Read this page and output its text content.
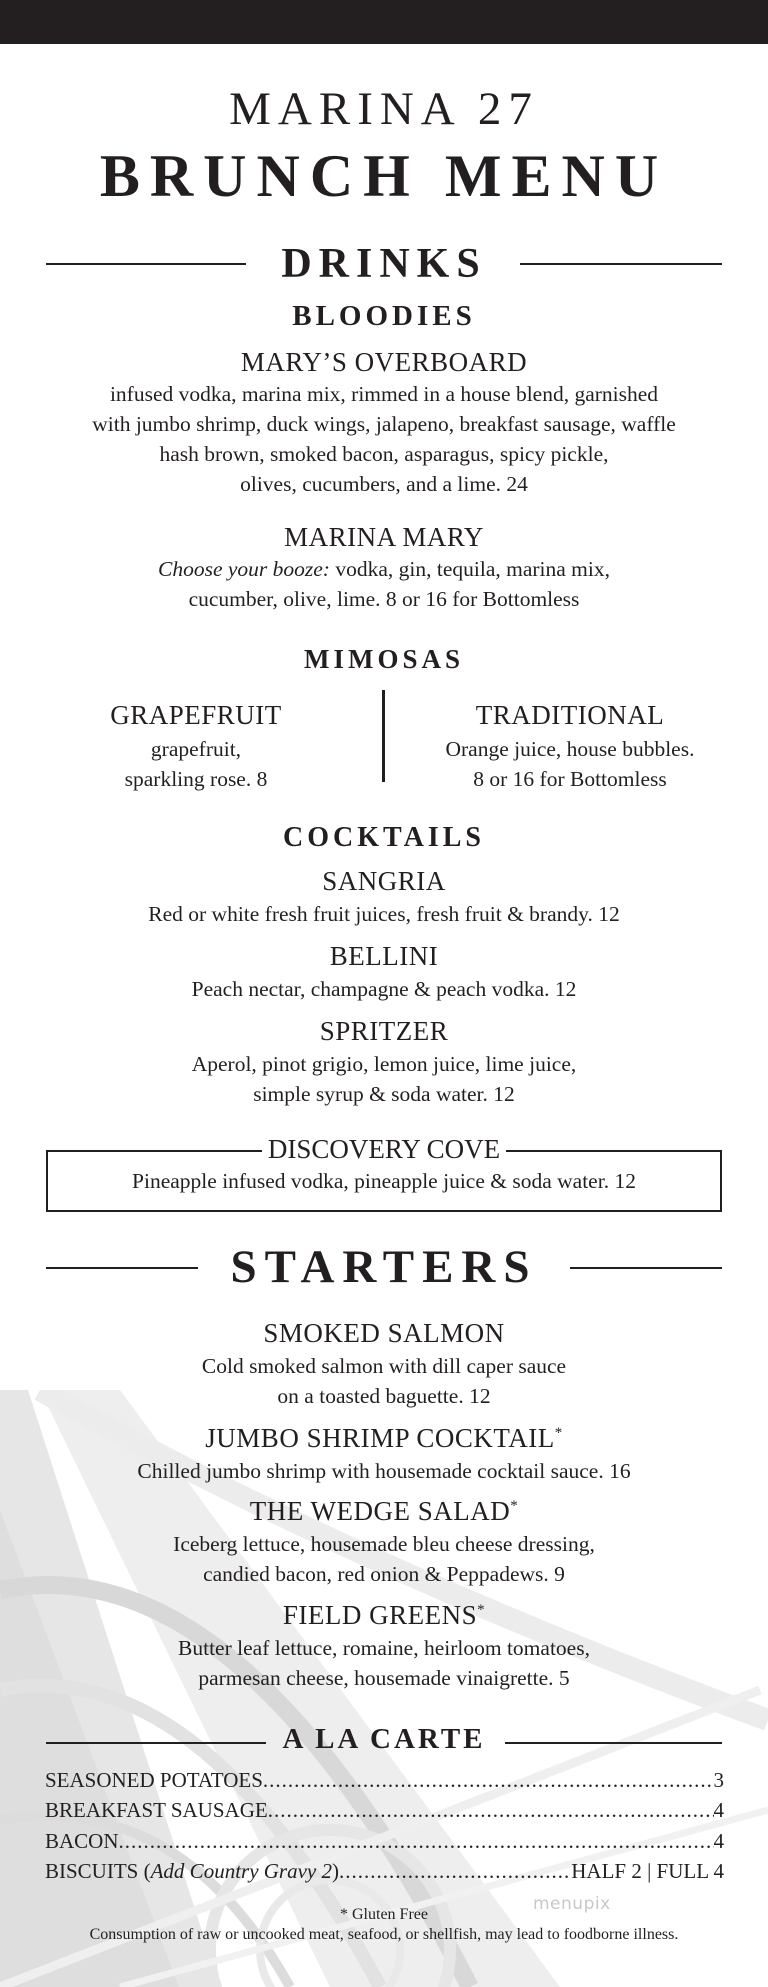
MARINA 27
BRUNCH MENU
DRINKS
BLOODIES
MARY’S OVERBOARD
infused vodka, marina mix, rimmed in a house blend, garnished
with jumbo shrimp, duck wings, jalapeno, breakfast sausage, waffle
hash brown, smoked bacon, asparagus, spicy pickle,
olives, cucumbers, and a lime. 24
MARINA MARY
Choose your booze: vodka, gin, tequila, marina mix,
cucumber, olive, lime. 8 or 16 for Bottomless
MIMOSAS
GRAPEFRUIT
grapefruit,
sparkling rose. 8
TRADITIONAL
Orange juice, house bubbles.
8 or 16 for Bottomless
COCKTAILS
SANGRIA
Red or white fresh fruit juices, fresh fruit & brandy. 12
BELLINI
Peach nectar, champagne & peach vodka. 12
SPRITZER
Aperol, pinot grigio, lemon juice, lime juice,
simple syrup & soda water. 12
DISCOVERY COVE
Pineapple infused vodka, pineapple juice & soda water. 12
STARTERS
SMOKED SALMON
Cold smoked salmon with dill caper sauce
on a toasted baguette. 12
JUMBO SHRIMP COCKTAIL*
Chilled jumbo shrimp with housemade cocktail sauce. 16
THE WEDGE SALAD*
Iceberg lettuce, housemade bleu cheese dressing,
candied bacon, red onion & Peppadews. 9
FIELD GREENS*
Butter leaf lettuce, romaine, heirloom tomatoes,
parmesan cheese, housemade vinaigrette. 5
A LA CARTE
SEASONED POTATOES .....	3
BREAKFAST SAUSAGE .....	4
BACON .....	4
BISCUITS (Add Country Gravy 2) .....	HALF 2 | FULL 4
* Gluten Free
Consumption of raw or uncooked meat, seafood, or shellfish, may lead to foodborne illness.
menupix
